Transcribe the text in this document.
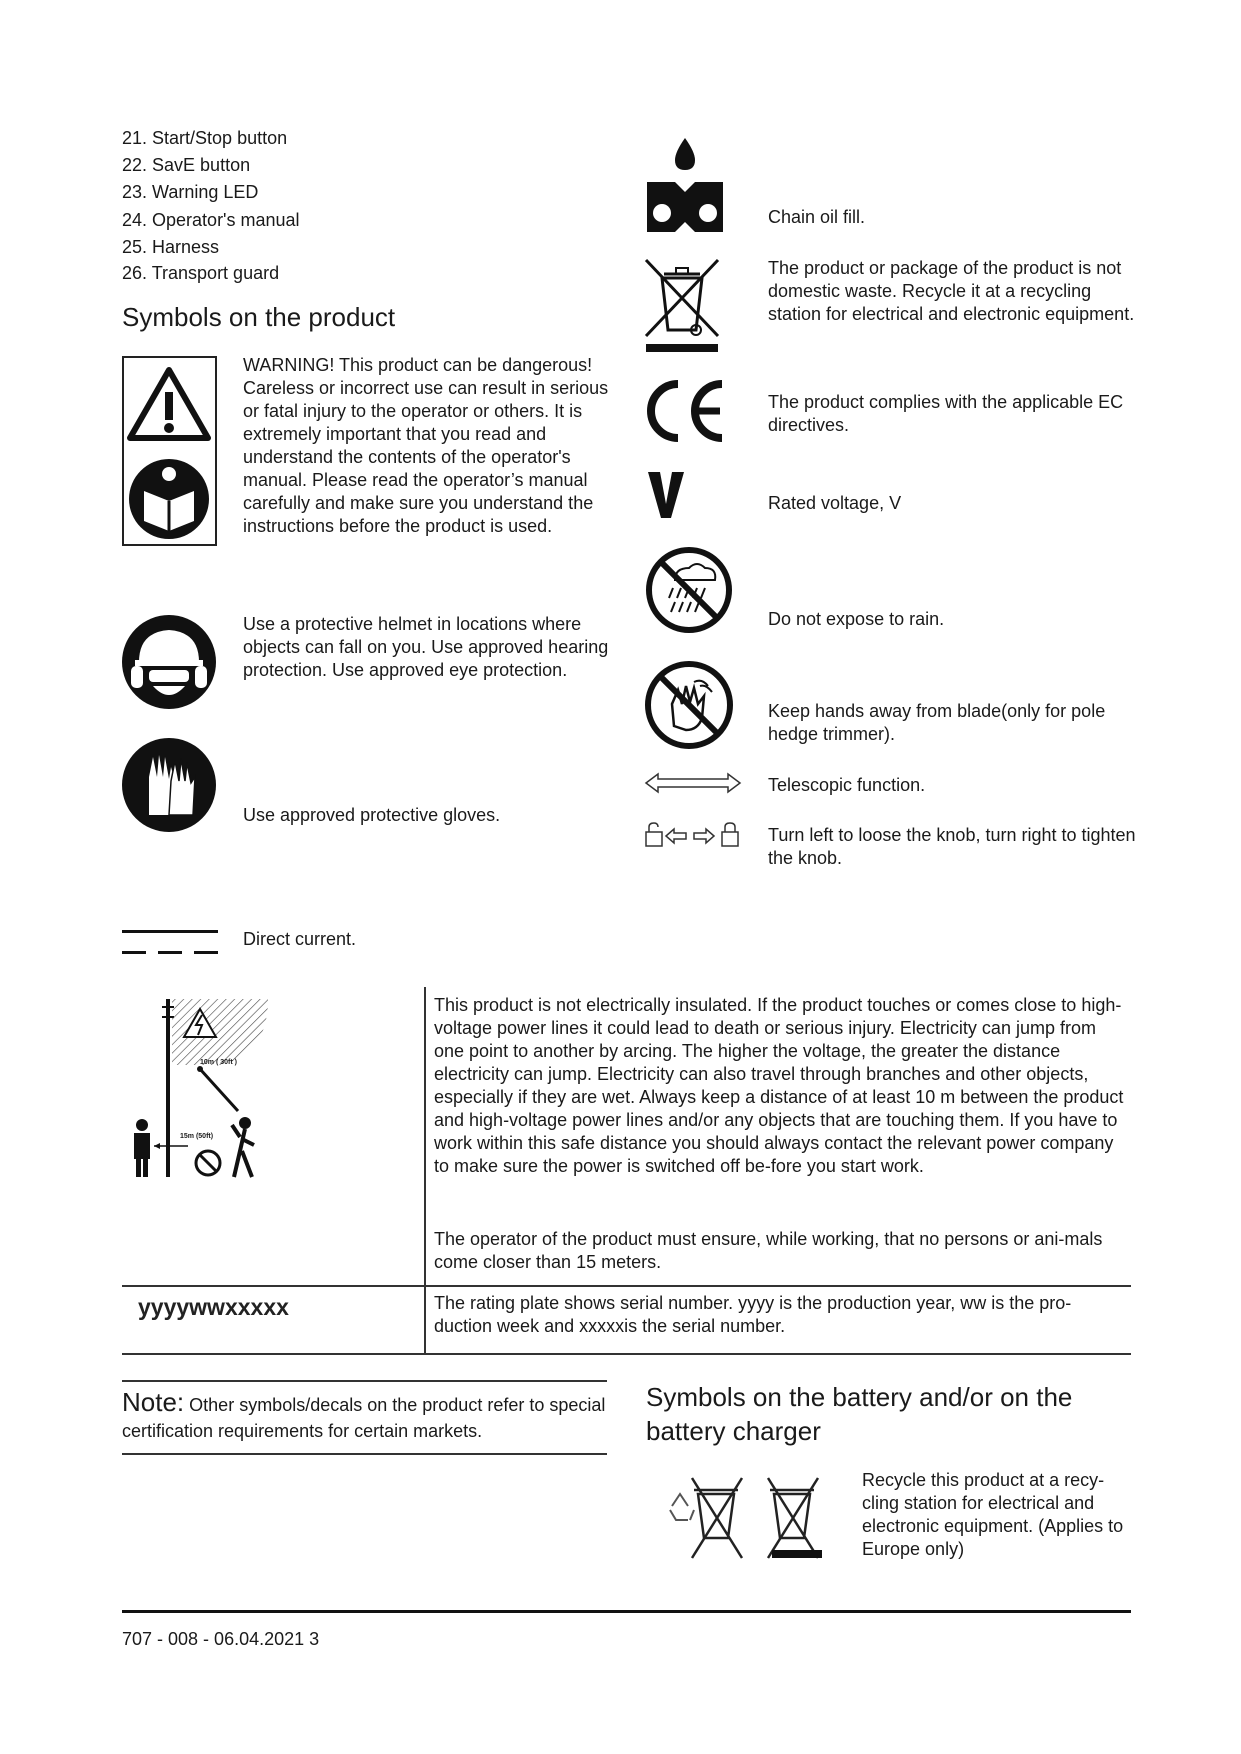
21. Start/Stop button
22. SavE button
23. Warning LED
24. Operator's manual
25. Harness
26. Transport guard
Symbols on the product
WARNING! This product can be dangerous! Careless or incorrect use can result in serious or fatal injury to the operator or others. It is extremely important that you read and understand the contents of the operator's manual. Please read the operator’s manual carefully and make sure you understand the instructions before the product is used.
Use a protective helmet in locations where objects can fall on you. Use approved hearing protection. Use approved eye protection.
Use approved protective gloves.
Chain oil fill.
The product or package of the product is not domestic waste. Recycle it at a recycling station for electrical and electronic equipment.
The product complies with the applicable EC directives.
Rated voltage, V
Do not expose to rain.
Keep hands away from blade(only for pole hedge trimmer).
Telescopic function.
Turn left to loose the knob, turn right to tighten the knob.
Direct current.
10m ( 30ft )
15m (50ft)
This product is not electrically insulated. If the product touches or comes close to high-voltage power lines it could lead to death or serious injury. Electricity can jump from one point to another by arcing. The higher the voltage, the greater the distance electricity can jump. Electricity can also travel through branches and other objects, especially if they are wet. Always keep a distance of at least 10 m between the product and high-voltage power lines and/or any objects that are touching them. If you have to work within this safe distance you should always contact the relevant power company to make sure the power is switched off be-fore you start work.
The operator of the product must ensure, while working, that no persons or ani-mals come closer than 15 meters.
yyyywwxxxxx	The rating plate shows serial number. yyyy is the production year, ww is the pro-duction week and xxxxxis the serial number.
Note: Other symbols/decals on the product refer to special certification requirements for certain markets.
Symbols on the battery and/or on the battery charger
Recycle this product at a recy-cling station for electrical and electronic equipment. (Applies to Europe only)
707 - 008 - 06.04.2021 3
